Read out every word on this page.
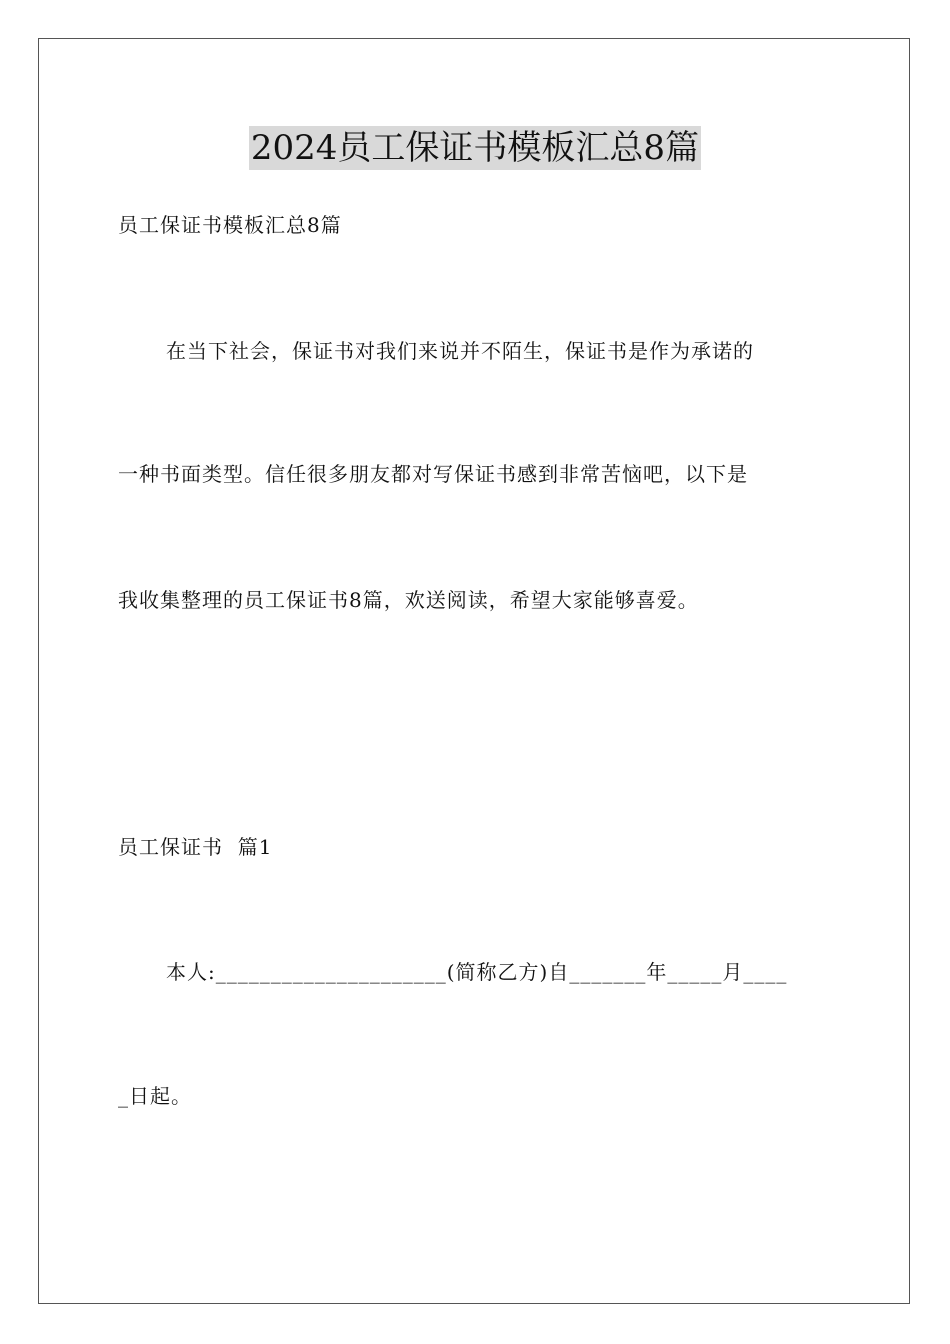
2024员工保证书模板汇总8篇
员工保证书模板汇总8篇
在当下社会，保证书对我们来说并不陌生，保证书是作为承诺的
一种书面类型。信任很多朋友都对写保证书感到非常苦恼吧，以下是
我收集整理的员工保证书8篇，欢送阅读，希望大家能够喜爱。
员工保证书  篇1
本人:_____________________(简称乙方)自_______年_____月____
_日起。
